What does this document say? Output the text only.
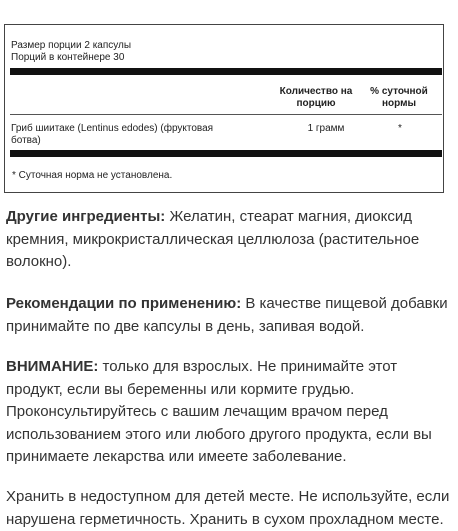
Размер порции 2 капсулы
Порций в контейнере 30
Количество на
порцию
% суточной
нормы
Гриб шиитаке (Lentinus edodes) (фруктовая
ботва)
1 грамм	*
* Суточная норма не установлена.

Другие ингредиенты: Желатин, стеарат магния, диоксид кремния, микрокристаллическая целлюлоза (растительное волокно).

Рекомендации по применению: В качестве пищевой добавки принимайте по две капсулы в день, запивая водой.

ВНИМАНИЕ: только для взрослых. Не принимайте этот продукт, если вы беременны или кормите грудью. Проконсультируйтесь с вашим лечащим врачом перед использованием этого или любого другого продукта, если вы принимаете лекарства или имеете заболевание.

Хранить в недоступном для детей месте. Не используйте, если нарушена герметичность. Хранить в сухом прохладном месте.
